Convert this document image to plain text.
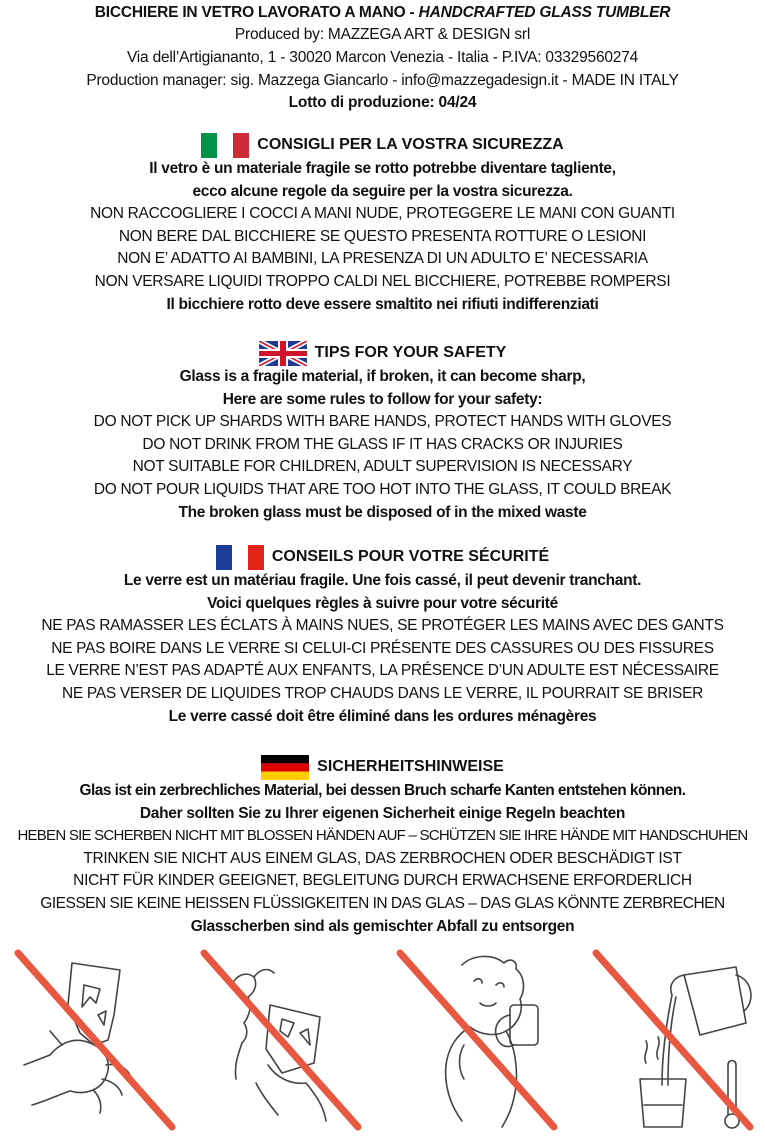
BICCHIERE IN VETRO LAVORATO A MANO - HANDCRAFTED GLASS TUMBLER
Produced by: MAZZEGA ART & DESIGN srl
Via dell’Artigiananto, 1 - 30020 Marcon Venezia - Italia - P.IVA: 03329560274
Production manager: sig. Mazzega Giancarlo - info@mazzegadesign.it - MADE IN ITALY
Lotto di produzione: 04/24
CONSIGLI PER LA VOSTRA SICUREZZA
Il vetro è un materiale fragile se rotto potrebbe diventare tagliente,
ecco alcune regole da seguire per la vostra sicurezza.
NON RACCOGLIERE I COCCI A MANI NUDE, PROTEGGERE LE MANI CON GUANTI
NON BERE DAL BICCHIERE SE QUESTO PRESENTA ROTTURE O LESIONI
NON E’ ADATTO AI BAMBINI, LA PRESENZA DI UN ADULTO E’ NECESSARIA
NON VERSARE LIQUIDI TROPPO CALDI NEL BICCHIERE, POTREBBE ROMPERSI
Il bicchiere rotto deve essere smaltito nei rifiuti indifferenziati
TIPS FOR YOUR SAFETY
Glass is a fragile material, if broken, it can become sharp,
Here are some rules to follow for your safety:
DO NOT PICK UP SHARDS WITH BARE HANDS, PROTECT HANDS WITH GLOVES
DO NOT DRINK FROM THE GLASS IF IT HAS CRACKS OR INJURIES
NOT SUITABLE FOR CHILDREN, ADULT SUPERVISION IS NECESSARY
DO NOT POUR LIQUIDS THAT ARE TOO HOT INTO THE GLASS, IT COULD BREAK
The broken glass must be disposed of in the mixed waste
CONSEILS POUR VOTRE SÉCURITÉ
Le verre est un matériau fragile. Une fois cassé, il peut devenir tranchant.
Voici quelques règles à suivre pour votre sécurité
NE PAS RAMASSER LES ÉCLATS À MAINS NUES, SE PROTÉGER LES MAINS AVEC DES GANTS
NE PAS BOIRE DANS LE VERRE SI CELUI-CI PRÉSENTE DES CASSURES OU DES FISSURES
LE VERRE N’EST PAS ADAPTÉ AUX ENFANTS, LA PRÉSENCE D’UN ADULTE EST NÉCESSAIRE
NE PAS VERSER DE LIQUIDES TROP CHAUDS DANS LE VERRE, IL POURRAIT SE BRISER
Le verre cassé doit être éliminé dans les ordures ménagères
SICHERHEITSHINWEISE
Glas ist ein zerbrechliches Material, bei dessen Bruch scharfe Kanten entstehen können.
Daher sollten Sie zu Ihrer eigenen Sicherheit einige Regeln beachten
HEBEN SIE SCHERBEN NICHT MIT BLOSSEN HÄNDEN AUF – SCHÜTZEN SIE IHRE HÄNDE MIT HANDSCHUHEN
TRINKEN SIE NICHT AUS EINEM GLAS, DAS ZERBROCHEN ODER BESCHÄDIGT IST
NICHT FÜR KINDER GEEIGNET, BEGLEITUNG DURCH ERWACHSENE ERFORDERLICH
GIESSEN SIE KEINE HEISSEN FLÜSSIGKEITEN IN DAS GLAS – DAS GLAS KÖNNTE ZERBRECHEN
Glasscherben sind als gemischter Abfall zu entsorgen
